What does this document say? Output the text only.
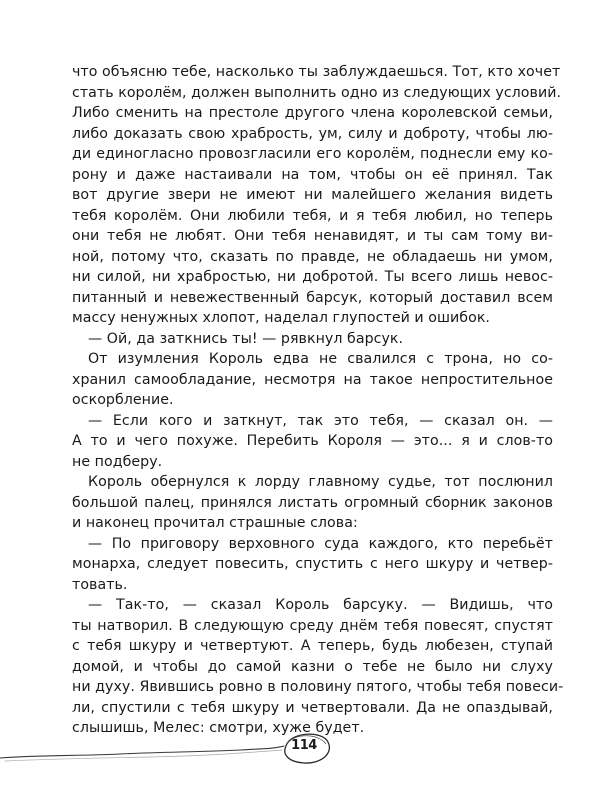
что объясню тебе, насколько ты заблуждаешься. Тот, кто хочет
стать королём, должен выполнить одно из следующих условий.
Либо сменить на престоле другого члена королевской семьи,
либо доказать свою храбрость, ум, силу и доброту, чтобы лю-
ди единогласно провозгласили его королём, поднесли ему ко-
рону и даже настаивали на том, чтобы он её принял. Так
вот другие звери не имеют ни малейшего желания видеть
тебя королём. Они любили тебя, и я тебя любил, но теперь
они тебя не любят. Они тебя ненавидят, и ты сам тому ви-
ной, потому что, сказать по правде, не обладаешь ни умом,
ни силой, ни храбростью, ни добротой. Ты всего лишь невос-
питанный и невежественный барсук, который доставил всем
массу ненужных хлопот, наделал глупостей и ошибок.
— Ой, да заткнись ты! — рявкнул барсук.
От изумления Король едва не свалился с трона, но со-
хранил самообладание, несмотря на такое непростительное
оскорбление.
— Если кого и заткнут, так это тебя, — сказал он. —
А то и чего похуже. Перебить Короля — это... я и слов-то
не подберу.
Король обернулся к лорду главному судье, тот послюнил
большой палец, принялся листать огромный сборник законов
и наконец прочитал страшные слова:
— По приговору верховного суда каждого, кто перебьёт
монарха, следует повесить, спустить с него шкуру и четвер-
товать.
— Так-то, — сказал Король барсуку. — Видишь, что
ты натворил. В следующую среду днём тебя повесят, спустят
с тебя шкуру и четвертуют. А теперь, будь любезен, ступай
домой, и чтобы до самой казни о тебе не было ни слуху
ни духу. Явившись ровно в половину пятого, чтобы тебя повеси-
ли, спустили с тебя шкуру и четвертовали. Да не опаздывай,
слышишь, Мелес: смотри, хуже будет.
114
